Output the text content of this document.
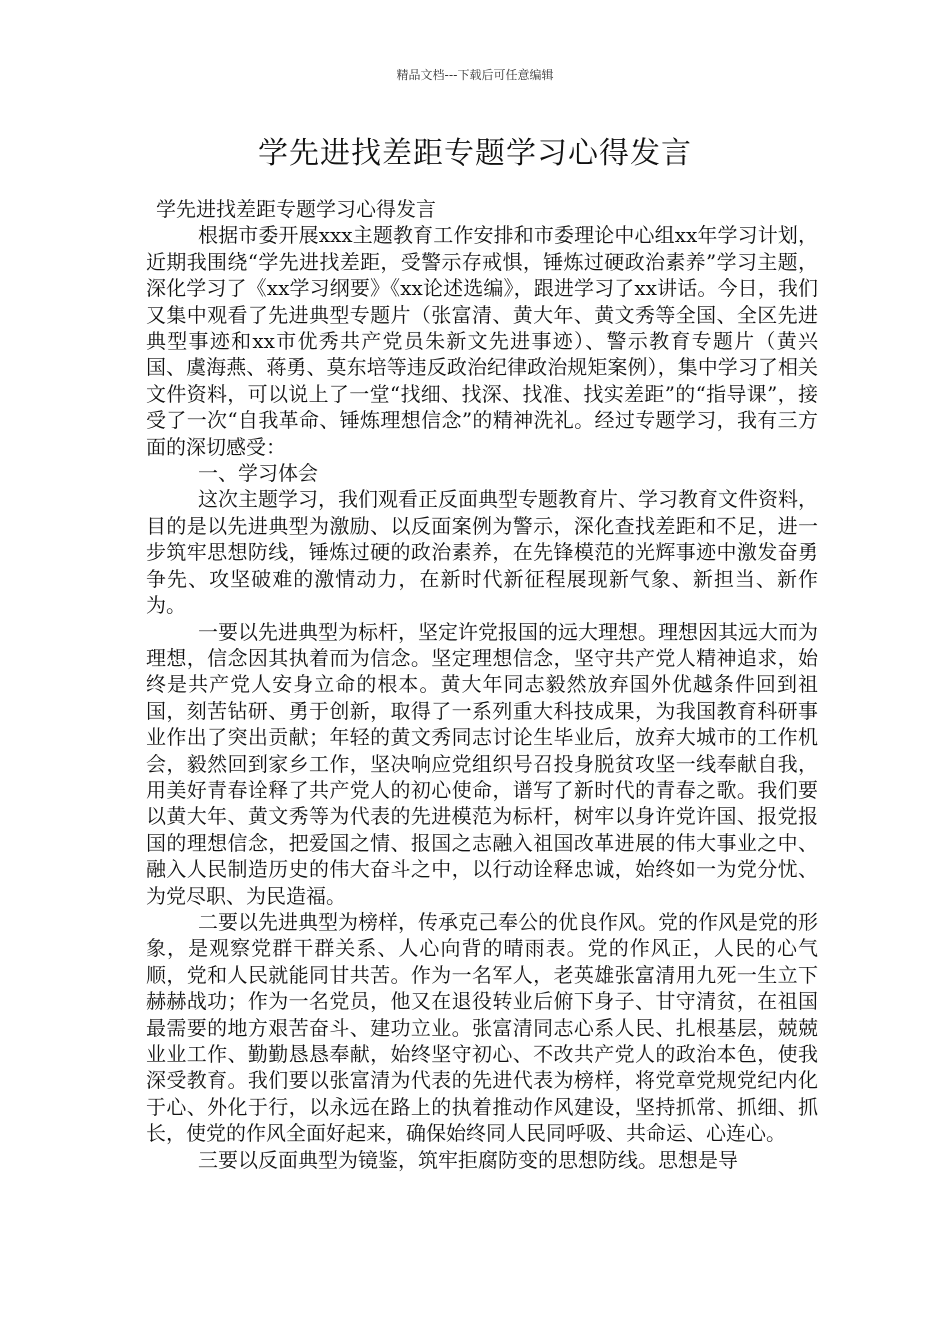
精品文档---下载后可任意编辑
学先进找差距专题学习心得发言

学先进找差距专题学习心得发言

根据市委开展xxx主题教育工作安排和市委理论中心组xx年学习计划，近期我围绕“学先进找差距，受警示存戒惧，锤炼过硬政治素养”学习主题，深化学习了《xx学习纲要》《xx论述选编》，跟进学习了xx讲话。今日，我们又集中观看了先进典型专题片（张富清、黄大年、黄文秀等全国、全区先进典型事迹和xx市优秀共产党员朱新文先进事迹）、警示教育专题片（黄兴国、虞海燕、蒋勇、莫东培等违反政治纪律政治规矩案例），集中学习了相关文件资料，可以说上了一堂“找细、找深、找准、找实差距”的“指导课”，接受了一次“自我革命、锤炼理想信念”的精神洗礼。经过专题学习，我有三方面的深切感受：

一、学习体会

这次主题学习，我们观看正反面典型专题教育片、学习教育文件资料，目的是以先进典型为激励、以反面案例为警示，深化查找差距和不足，进一步筑牢思想防线，锤炼过硬的政治素养，在先锋模范的光辉事迹中激发奋勇争先、攻坚破难的激情动力，在新时代新征程展现新气象、新担当、新作为。

一要以先进典型为标杆，坚定许党报国的远大理想。理想因其远大而为理想，信念因其执着而为信念。坚定理想信念，坚守共产党人精神追求，始终是共产党人安身立命的根本。黄大年同志毅然放弃国外优越条件回到祖国，刻苦钻研、勇于创新，取得了一系列重大科技成果，为我国教育科研事业作出了突出贡献；年轻的黄文秀同志讨论生毕业后，放弃大城市的工作机会，毅然回到家乡工作，坚决响应党组织号召投身脱贫攻坚一线奉献自我，用美好青春诠释了共产党人的初心使命，谱写了新时代的青春之歌。我们要以黄大年、黄文秀等为代表的先进模范为标杆，树牢以身许党许国、报党报国的理想信念，把爱国之情、报国之志融入祖国改革进展的伟大事业之中、融入人民制造历史的伟大奋斗之中，以行动诠释忠诚，始终如一为党分忧、为党尽职、为民造福。

二要以先进典型为榜样，传承克己奉公的优良作风。党的作风是党的形象，是观察党群干群关系、人心向背的晴雨表。党的作风正，人民的心气顺，党和人民就能同甘共苦。作为一名军人，老英雄张富清用九死一生立下赫赫战功；作为一名党员，他又在退役转业后俯下身子、甘守清贫，在祖国最需要的地方艰苦奋斗、建功立业。张富清同志心系人民、扎根基层，兢兢业业工作、勤勤恳恳奉献，始终坚守初心、不改共产党人的政治本色，使我深受教育。我们要以张富清为代表的先进代表为榜样，将党章党规党纪内化于心、外化于行，以永远在路上的执着推动作风建设，坚持抓常、抓细、抓长，使党的作风全面好起来，确保始终同人民同呼吸、共命运、心连心。

三要以反面典型为镜鉴，筑牢拒腐防变的思想防线。思想是导
